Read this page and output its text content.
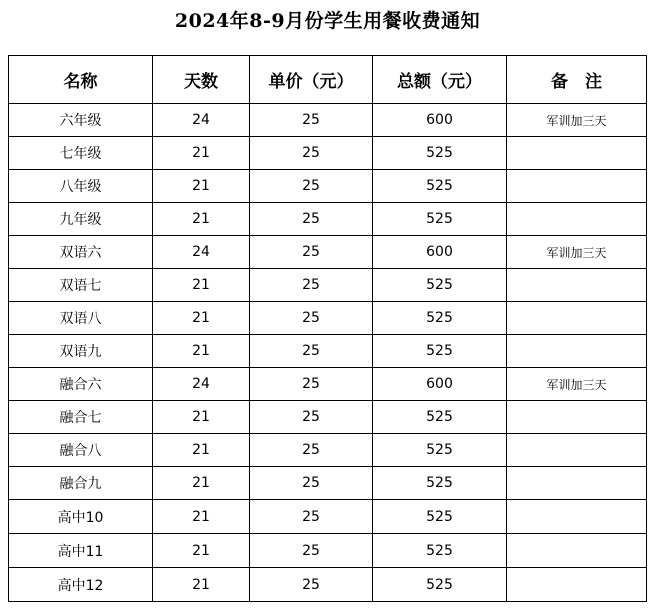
2024年8-9月份学生用餐收费通知
名称	天数	单价（元）	总额（元）	备　注
六年级	24	25	600	军训加三天
七年级	21	25	525	
八年级	21	25	525	
九年级	21	25	525	
双语六	24	25	600	军训加三天
双语七	21	25	525	
双语八	21	25	525	
双语九	21	25	525	
融合六	24	25	600	军训加三天
融合七	21	25	525	
融合八	21	25	525	
融合九	21	25	525	
高中10	21	25	525	
高中11	21	25	525	
高中12	21	25	525	
